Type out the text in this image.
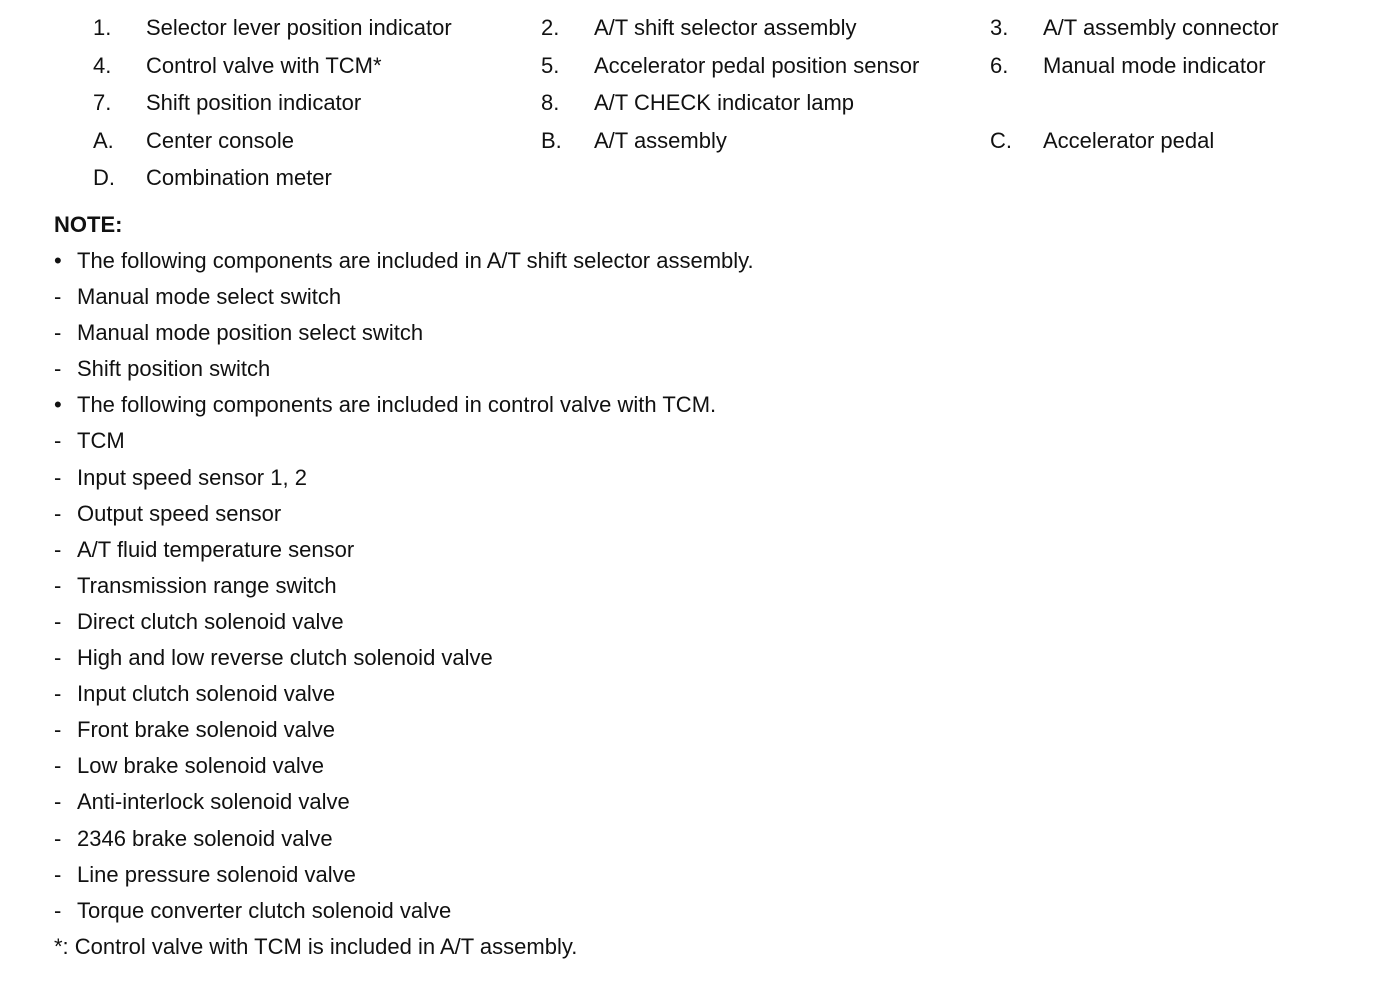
1. Selector lever position indicator	2. A/T shift selector assembly	3. A/T assembly connector
4. Control valve with TCM*	5. Accelerator pedal position sensor	6. Manual mode indicator
7. Shift position indicator	8. A/T CHECK indicator lamp
A. Center console	B. A/T assembly	C. Accelerator pedal
D. Combination meter
NOTE:
• The following components are included in A/T shift selector assembly.
- Manual mode select switch
- Manual mode position select switch
- Shift position switch
• The following components are included in control valve with TCM.
- TCM
- Input speed sensor 1, 2
- Output speed sensor
- A/T fluid temperature sensor
- Transmission range switch
- Direct clutch solenoid valve
- High and low reverse clutch solenoid valve
- Input clutch solenoid valve
- Front brake solenoid valve
- Low brake solenoid valve
- Anti-interlock solenoid valve
- 2346 brake solenoid valve
- Line pressure solenoid valve
- Torque converter clutch solenoid valve
*: Control valve with TCM is included in A/T assembly.
